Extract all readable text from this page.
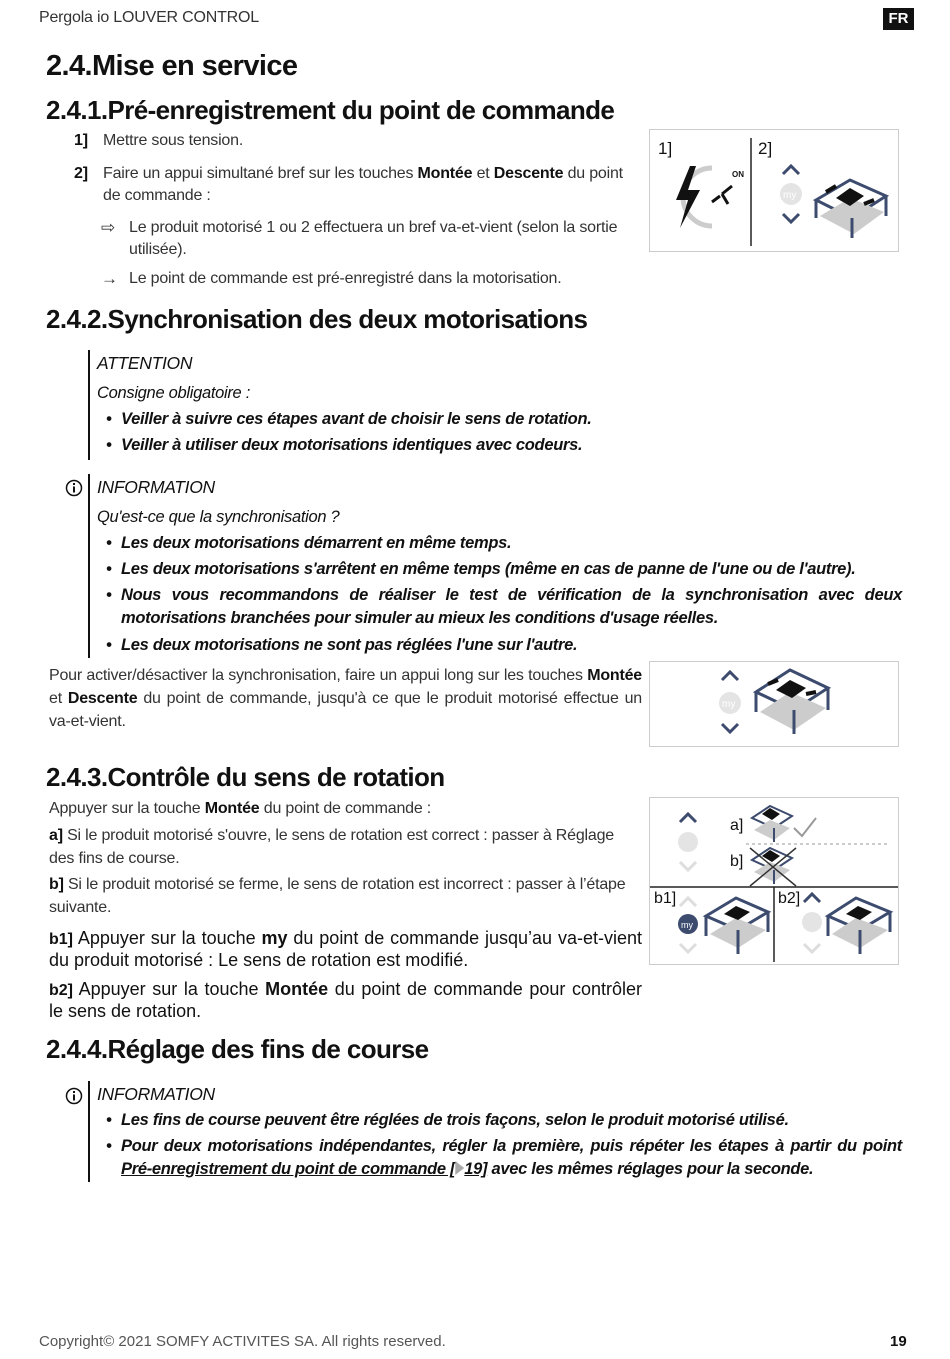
Pergola io LOUVER CONTROL	FR
2.4.Mise en service
2.4.1.Pré-enregistrement du point de commande
1] Mettre sous tension.
2] Faire un appui simultané bref sur les touches Montée et Descente du point de commande :
⇨ Le produit motorisé 1 ou 2 effectuera un bref va-et-vient (selon la sortie utilisée).
→ Le point de commande est pré-enregistré dans la motorisation.
1]	2]
ON
my
2.4.2.Synchronisation des deux motorisations
ATTENTION
Consigne obligatoire :
• Veiller à suivre ces étapes avant de choisir le sens de rotation.
• Veiller à utiliser deux motorisations identiques avec codeurs.
INFORMATION
Qu'est-ce que la synchronisation ?
• Les deux motorisations démarrent en même temps.
• Les deux motorisations s'arrêtent en même temps (même en cas de panne de l'une ou de l'autre).
• Nous vous recommandons de réaliser le test de vérification de la synchronisation avec deux motorisations branchées pour simuler au mieux les conditions d'usage réelles.
• Les deux motorisations ne sont pas réglées l'une sur l'autre.
Pour activer/désactiver la synchronisation, faire un appui long sur les touches Montée et Descente du point de commande, jusqu'à ce que le produit motorisé effectue un va-et-vient.
my
2.4.3.Contrôle du sens de rotation
Appuyer sur la touche Montée du point de commande :
a] Si le produit motorisé s'ouvre, le sens de rotation est correct : passer à Réglage des fins de course.
b] Si le produit motorisé se ferme, le sens de rotation est incorrect : passer à l’étape suivante.
b1] Appuyer sur la touche my du point de commande jusqu’au va-et-vient du produit motorisé : Le sens de rotation est modifié.
b2] Appuyer sur la touche Montée du point de commande pour contrôler le sens de rotation.
a]
b]
b1]	b2]
my
2.4.4.Réglage des fins de course
INFORMATION
• Les fins de course peuvent être réglées de trois façons, selon le produit motorisé utilisé.
• Pour deux motorisations indépendantes, régler la première, puis répéter les étapes à partir du point Pré-enregistrement du point de commande [ 19] avec les mêmes réglages pour la seconde.
Copyright© 2021 SOMFY ACTIVITES SA. All rights reserved.	19
